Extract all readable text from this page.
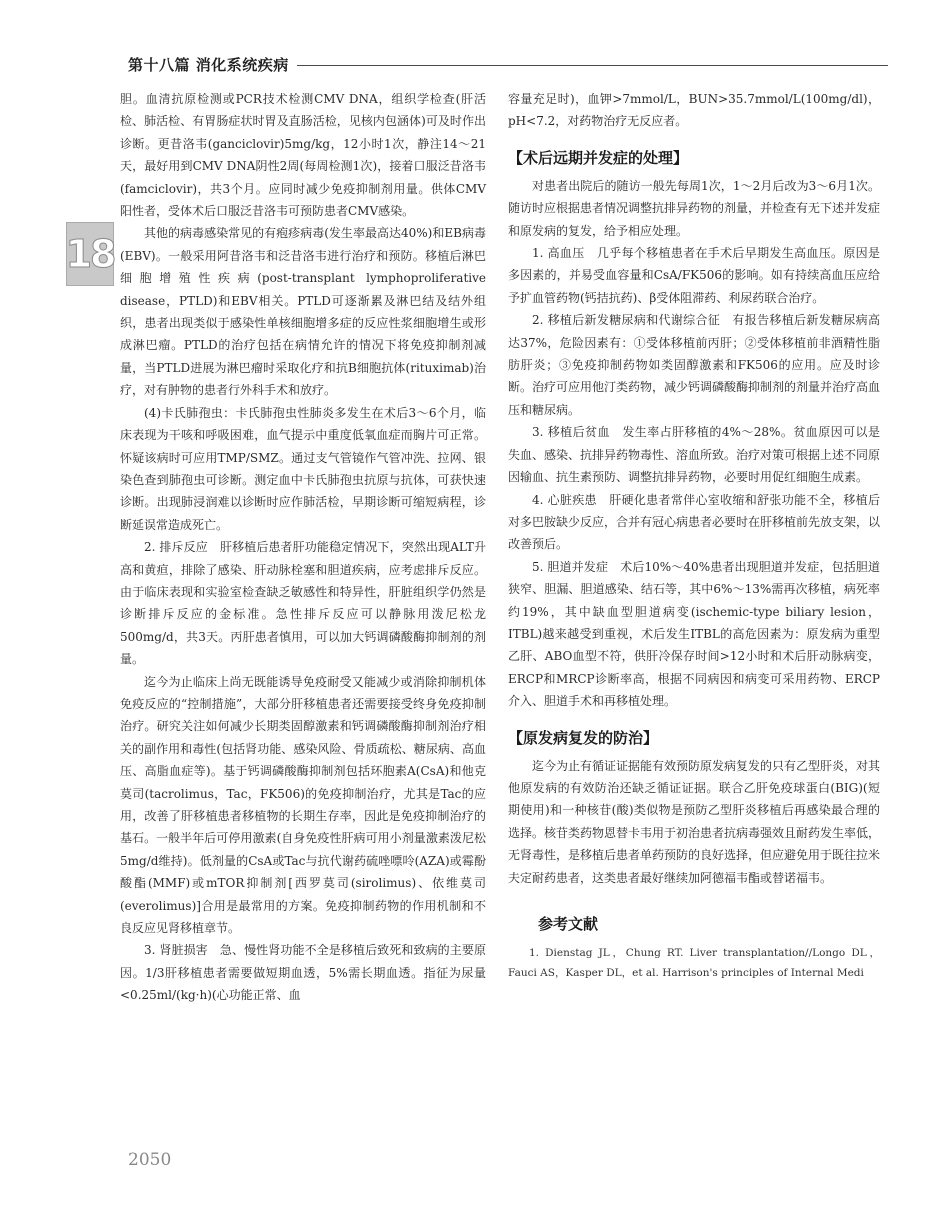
第十八篇 消化系统疾病
18

胆。血清抗原检测或PCR技术检测CMV DNA，组织学检查(肝活检、肺活检、有胃肠症状时胃及直肠活检，见核内包涵体)可及时作出诊断。更昔洛韦(ganciclovir)5mg/kg，12小时1次，静注14～21天，最好用到CMV DNA阴性2周(每周检测1次)，接着口服泛昔洛韦(famciclovir)，共3个月。应同时减少免疫抑制剂用量。供体CMV阳性者，受体术后口服泛昔洛韦可预防患者CMV感染。

其他的病毒感染常见的有疱疹病毒(发生率最高达40%)和EB病毒(EBV)。一般采用阿昔洛韦和泛昔洛韦进行治疗和预防。移植后淋巴细胞增殖性疾病(post-transplant lymphoproliferative disease，PTLD)和EBV相关。PTLD可逐渐累及淋巴结及结外组织，患者出现类似于感染性单核细胞增多症的反应性浆细胞增生或形成淋巴瘤。PTLD的治疗包括在病情允许的情况下将免疫抑制剂减量，当PTLD进展为淋巴瘤时采取化疗和抗B细胞抗体(rituximab)治疗，对有肿物的患者行外科手术和放疗。

(4)卡氏肺孢虫：卡氏肺孢虫性肺炎多发生在术后3～6个月，临床表现为干咳和呼吸困难，血气提示中重度低氧血症而胸片可正常。怀疑该病时可应用TMP/SMZ。通过支气管镜作气管冲洗、拉网、银染色查到肺孢虫可诊断。测定血中卡氏肺孢虫抗原与抗体，可获快速诊断。出现肺浸润难以诊断时应作肺活检，早期诊断可缩短病程，诊断延误常造成死亡。

2. 排斥反应　肝移植后患者肝功能稳定情况下，突然出现ALT升高和黄疸，排除了感染、肝动脉栓塞和胆道疾病，应考虑排斥反应。由于临床表现和实验室检查缺乏敏感性和特异性，肝脏组织学仍然是诊断排斥反应的金标准。急性排斥反应可以静脉用泼尼松龙500mg/d，共3天。丙肝患者慎用，可以加大钙调磷酸酶抑制剂的剂量。

迄今为止临床上尚无既能诱导免疫耐受又能减少或消除抑制机体免疫反应的“控制措施”，大部分肝移植患者还需要接受终身免疫抑制治疗。研究关注如何减少长期类固醇激素和钙调磷酸酶抑制剂治疗相关的副作用和毒性(包括肾功能、感染风险、骨质疏松、糖尿病、高血压、高脂血症等)。基于钙调磷酸酶抑制剂包括环胞素A(CsA)和他克莫司(tacrolimus，Tac，FK506)的免疫抑制治疗，尤其是Tac的应用，改善了肝移植患者移植物的长期生存率，因此是免疫抑制治疗的基石。一般半年后可停用激素(自身免疫性肝病可用小剂量激素泼尼松5mg/d维持)。低剂量的CsA或Tac与抗代谢药硫唑嘌呤(AZA)或霉酚酸酯(MMF)或mTOR抑制剂[西罗莫司(sirolimus)、依维莫司(everolimus)]合用是最常用的方案。免疫抑制药物的作用机制和不良反应见肾移植章节。

3. 肾脏损害　急、慢性肾功能不全是移植后致死和致病的主要原因。1/3肝移植患者需要做短期血透，5%需长期血透。指征为尿量<0.25ml/(kg·h)(心功能正常、血

容量充足时)，血钾>7mmol/L，BUN>35.7mmol/L(100mg/dl)，pH<7.2，对药物治疗无反应者。

【术后远期并发症的处理】

对患者出院后的随访一般先每周1次，1～2月后改为3～6月1次。随访时应根据患者情况调整抗排异药物的剂量，并检查有无下述并发症和原发病的复发，给予相应处理。

1. 高血压　几乎每个移植患者在手术后早期发生高血压。原因是多因素的，并易受血容量和CsA/FK506的影响。如有持续高血压应给予扩血管药物(钙拮抗药)、β受体阻滞药、利尿药联合治疗。

2. 移植后新发糖尿病和代谢综合征　有报告移植后新发糖尿病高达37%，危险因素有：①受体移植前丙肝；②受体移植前非酒精性脂肪肝炎；③免疫抑制药物如类固醇激素和FK506的应用。应及时诊断。治疗可应用他汀类药物，减少钙调磷酸酶抑制剂的剂量并治疗高血压和糖尿病。

3. 移植后贫血　发生率占肝移植的4%～28%。贫血原因可以是失血、感染、抗排异药物毒性、溶血所致。治疗对策可根据上述不同原因输血、抗生素预防、调整抗排异药物，必要时用促红细胞生成素。

4. 心脏疾患　肝硬化患者常伴心室收缩和舒张功能不全，移植后对多巴胺缺少反应，合并有冠心病患者必要时在肝移植前先放支架，以改善预后。

5. 胆道并发症　术后10%～40%患者出现胆道并发症，包括胆道狭窄、胆漏、胆道感染、结石等，其中6%～13%需再次移植，病死率约19%，其中缺血型胆道病变(ischemic-type biliary lesion，ITBL)越来越受到重视，术后发生ITBL的高危因素为：原发病为重型乙肝、ABO血型不符，供肝冷保存时间>12小时和术后肝动脉病变，ERCP和MRCP诊断率高，根据不同病因和病变可采用药物、ERCP介入、胆道手术和再移植处理。

【原发病复发的防治】

迄今为止有循证证据能有效预防原发病复发的只有乙型肝炎，对其他原发病的有效防治还缺乏循证证据。联合乙肝免疫球蛋白(BIG)(短期使用)和一种核苷(酸)类似物是预防乙型肝炎移植后再感染最合理的选择。核苷类药物恩替卡韦用于初治患者抗病毒强效且耐药发生率低，无肾毒性，是移植后患者单药预防的良好选择，但应避免用于既往拉米夫定耐药患者，这类患者最好继续加阿德福韦酯或替诺福韦。

参考文献

1. Dienstag JL，Chung RT. Liver transplantation//Longo DL，Fauci AS，Kasper DL，et al. Harrison's principles of Internal Medi

2050
